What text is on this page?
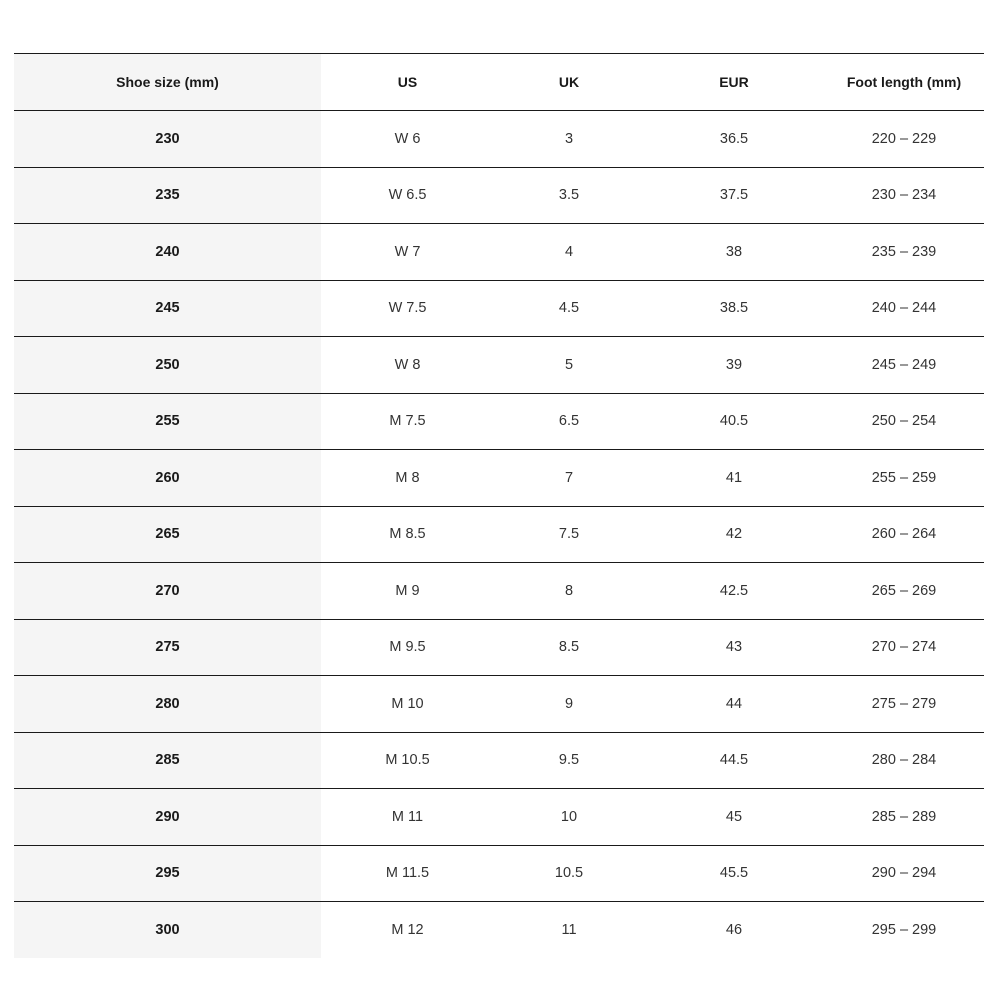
Shoe size (mm)	US	UK	EUR	Foot length (mm)
230	W 6	3	36.5	220 – 229
235	W 6.5	3.5	37.5	230 – 234
240	W 7	4	38	235 – 239
245	W 7.5	4.5	38.5	240 – 244
250	W 8	5	39	245 – 249
255	M 7.5	6.5	40.5	250 – 254
260	M 8	7	41	255 – 259
265	M 8.5	7.5	42	260 – 264
270	M 9	8	42.5	265 – 269
275	M 9.5	8.5	43	270 – 274
280	M 10	9	44	275 – 279
285	M 10.5	9.5	44.5	280 – 284
290	M 11	10	45	285 – 289
295	M 11.5	10.5	45.5	290 – 294
300	M 12	11	46	295 – 299
